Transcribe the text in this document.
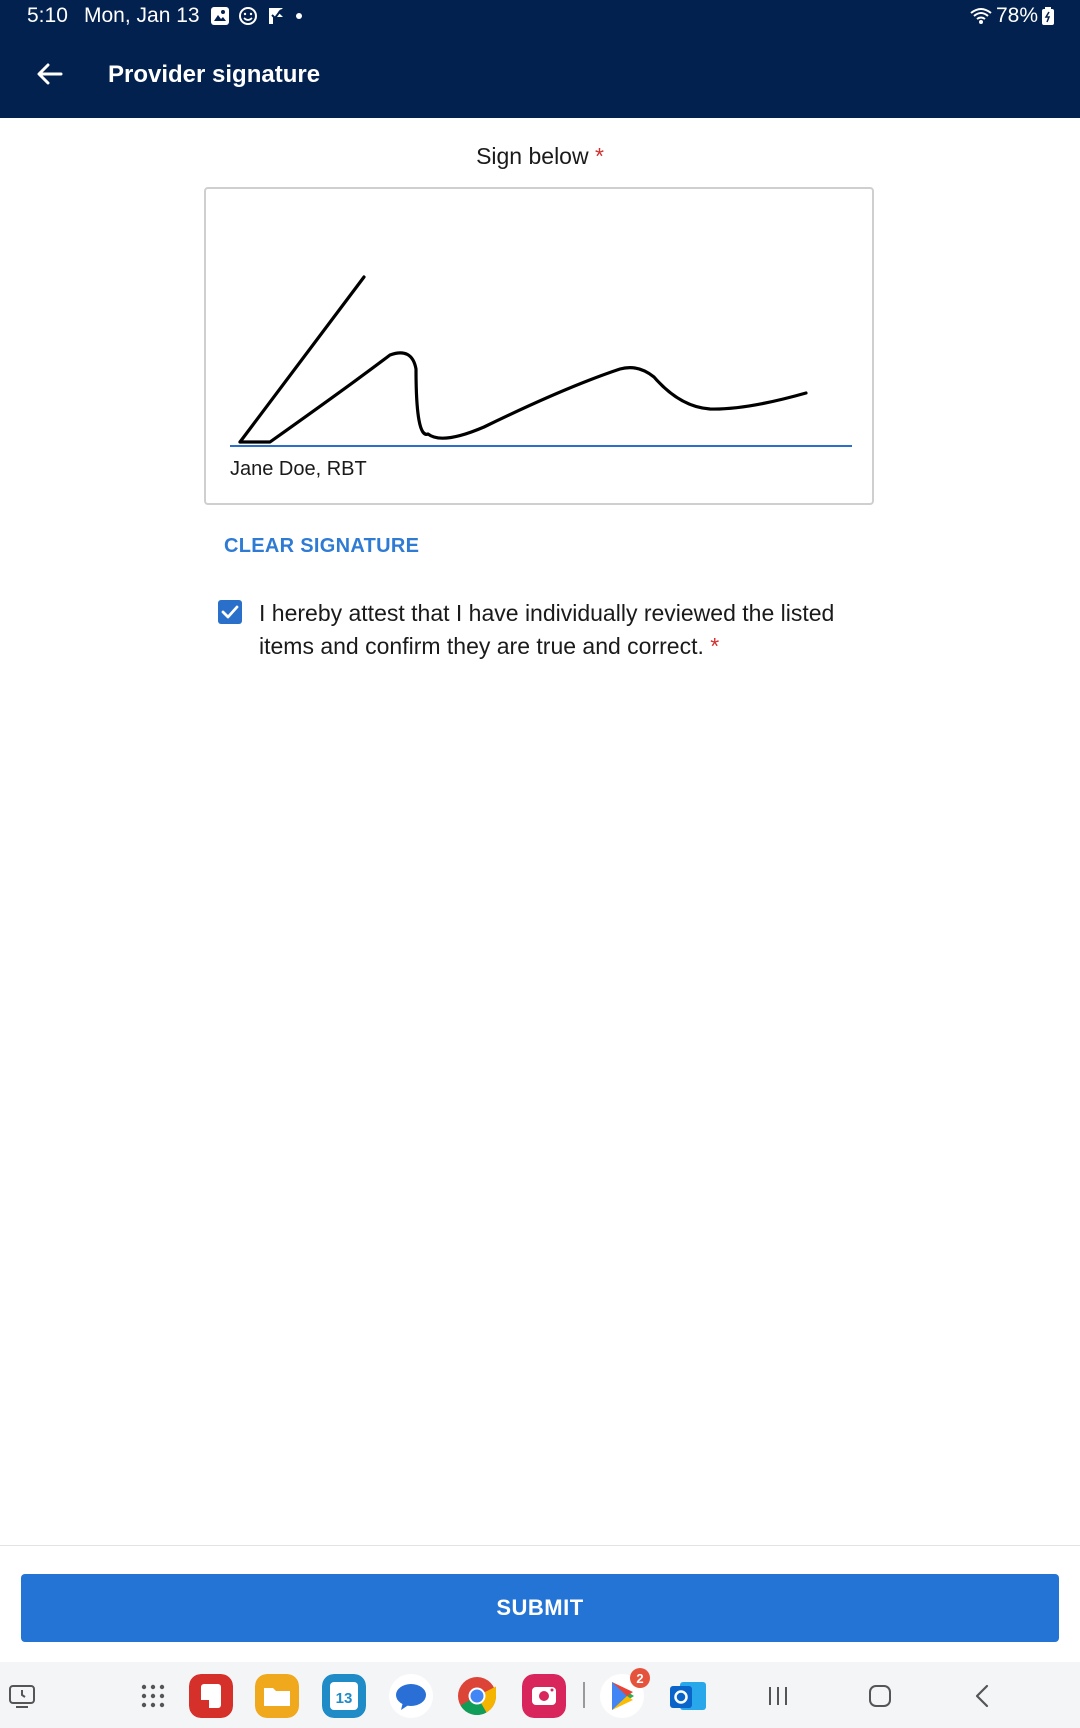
5:10 Mon, Jan 13	78%
Provider signature
Sign below *
Jane Doe, RBT
CLEAR SIGNATURE
I hereby attest that I have individually reviewed the listed items and confirm they are true and correct. *
SUBMIT
13
2
